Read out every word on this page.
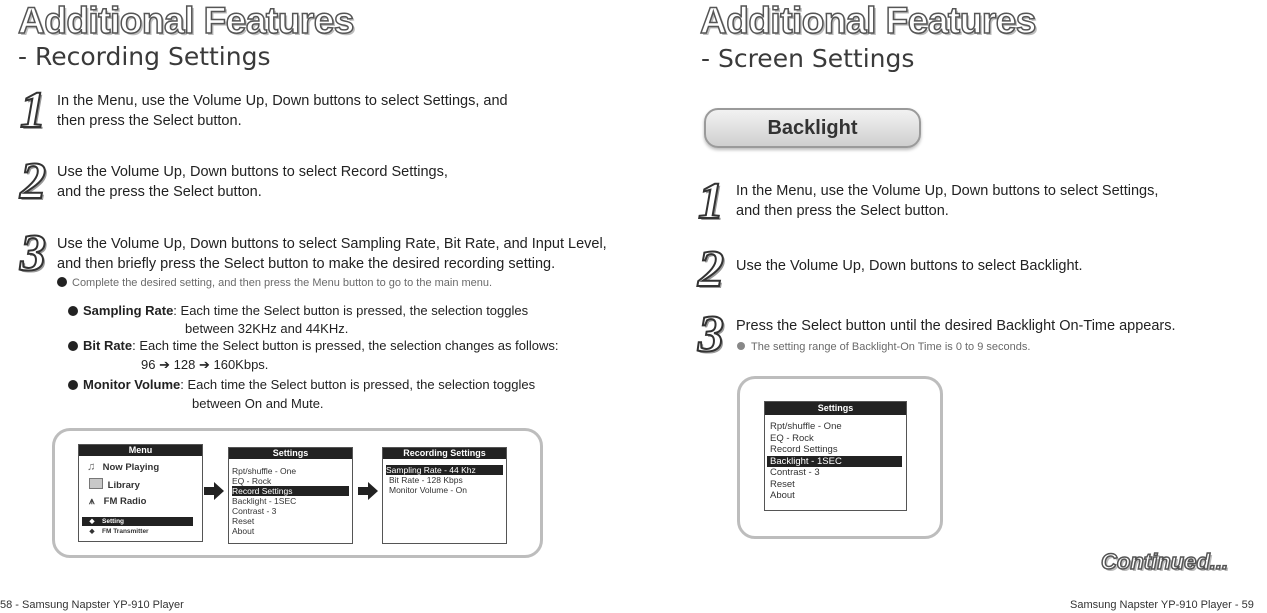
Additional Features
- Recording Settings
1 In the Menu, use the Volume Up, Down buttons to select Settings, and
then press the Select button.
2 Use the Volume Up, Down buttons to select Record Settings,
and the press the Select button.
3 Use the Volume Up, Down buttons to select Sampling Rate, Bit Rate, and Input Level,
and then briefly press the Select button to make the desired recording setting.
Complete the desired setting, and then press the Menu button to go to the main menu.
Sampling Rate: Each time the Select button is pressed, the selection toggles
between 32KHz and 44KHz.
Bit Rate: Each time the Select button is pressed, the selection changes as follows:
96 ➔ 128 ➔ 160Kbps.
Monitor Volume: Each time the Select button is pressed, the selection toggles
between On and Mute.
Menu
♫ Now Playing
Library
⩚ FM Radio
◆ Setting
◆ FM Transmitter
Settings
Rpt/shuffle - One
EQ - Rock
Record Settings
Backlight - 1SEC
Contrast - 3
Reset
About
Recording Settings
Sampling Rate - 44 Khz
Bit Rate - 128 Kbps
Monitor Volume - On
58 - Samsung Napster YP-910 Player
Additional Features
- Screen Settings
Backlight
1 In the Menu, use the Volume Up, Down buttons to select Settings,
and then press the Select button.
2 Use the Volume Up, Down buttons to select Backlight.
3 Press the Select button until the desired Backlight On-Time appears.
The setting range of Backlight-On Time is 0 to 9 seconds.
Settings
Rpt/shuffle - One
EQ - Rock
Record Settings
Backlight - 1SEC
Contrast - 3
Reset
About
Continued...
Samsung Napster YP-910 Player - 59
